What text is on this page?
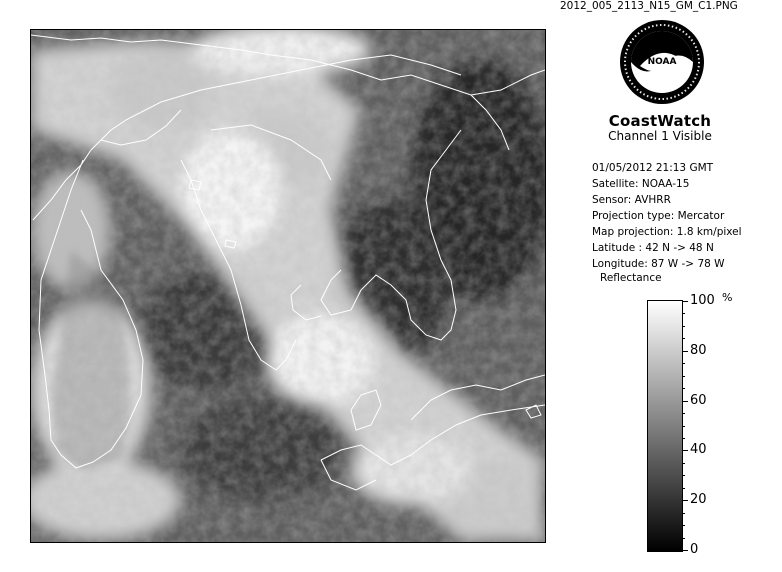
NOAA
CoastWatch
Channel 1 Visible
2012_005_2113_N15_GM_C1.PNG
01/05/2012 21:13 GMT
Satellite: NOAA-15
Sensor: AVHRR
Projection type: Mercator
Map projection: 1.8 km/pixel
Latitude : 42 N -> 48 N
Longitude: 87 W -> 78 W
Reflectance
%
100
80
60
40
20
0
